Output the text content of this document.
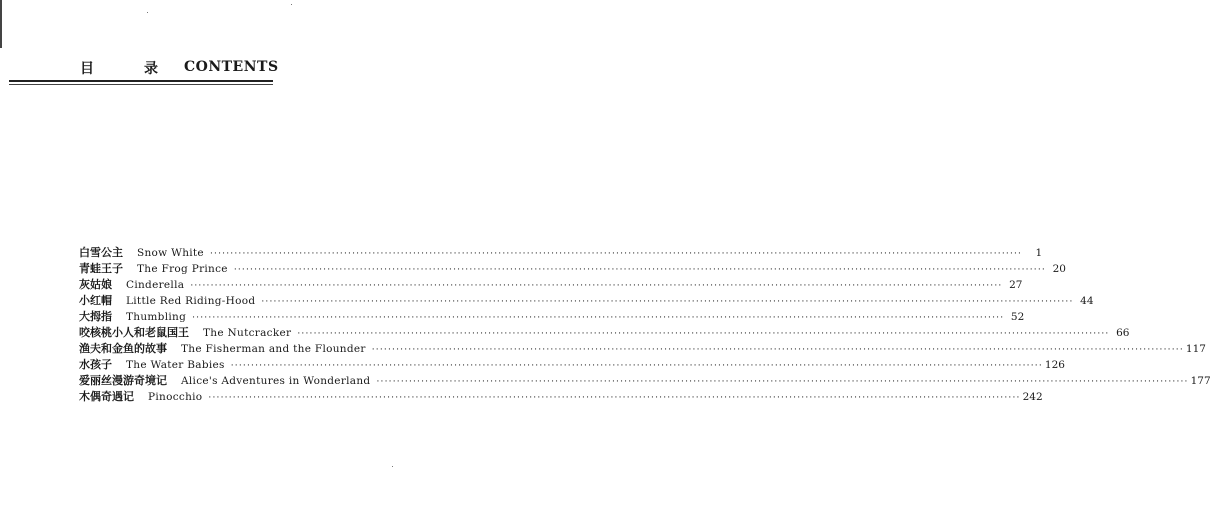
目	录 CONTENTS
白雪公主 Snow White ········································································································································································································	1
青蛙王子 The Frog Prince ········································································································································································································ 20
灰姑娘 Cinderella ········································································································································································································ 27
小红帽 Little Red Riding-Hood ········································································································································································································ 44
大拇指 Thumbling ········································································································································································································ 52
咬核桃小人和老鼠国王 The Nutcracker ········································································································································································································ 66
渔夫和金鱼的故事 The Fisherman and the Flounder ········································································································································································································ 117
水孩子 The Water Babies ········································································································································································································ 126
爱丽丝漫游奇境记 Alice's Adventures in Wonderland ········································································································································································································ 177
木偶奇遇记 Pinocchio ········································································································································································································ 242
